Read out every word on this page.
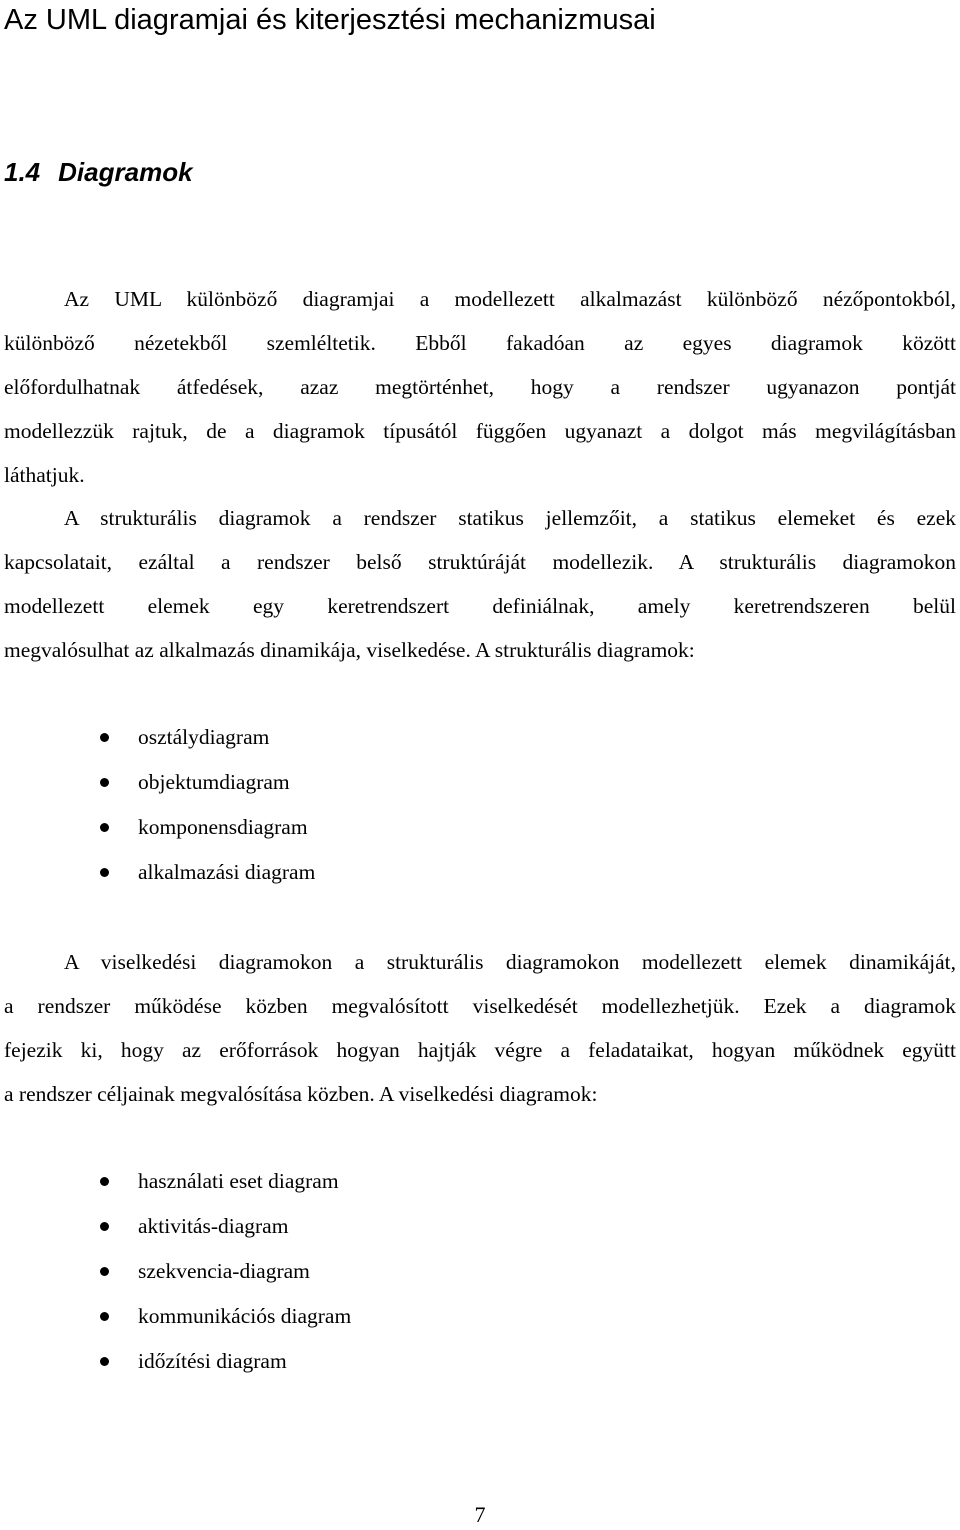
Az UML diagramjai és kiterjesztési mechanizmusai
1.4 Diagramok
Az UML különböző diagramjai a modellezett alkalmazást különböző nézőpontokból,
különböző nézetekből szemléltetik. Ebből fakadóan az egyes diagramok között
előfordulhatnak átfedések, azaz megtörténhet, hogy a rendszer ugyanazon pontját
modellezzük rajtuk, de a diagramok típusától függően ugyanazt a dolgot más megvilágításban
láthatjuk.
A strukturális diagramok a rendszer statikus jellemzőit, a statikus elemeket és ezek
kapcsolatait, ezáltal a rendszer belső struktúráját modellezik. A strukturális diagramokon
modellezett elemek egy keretrendszert definiálnak, amely keretrendszeren belül
megvalósulhat az alkalmazás dinamikája, viselkedése. A strukturális diagramok:
osztálydiagram
objektumdiagram
komponensdiagram
alkalmazási diagram
A viselkedési diagramokon a strukturális diagramokon modellezett elemek dinamikáját,
a rendszer működése közben megvalósított viselkedését modellezhetjük. Ezek a diagramok
fejezik ki, hogy az erőforrások hogyan hajtják végre a feladataikat, hogyan működnek együtt
a rendszer céljainak megvalósítása közben. A viselkedési diagramok:
használati eset diagram
aktivitás-diagram
szekvencia-diagram
kommunikációs diagram
időzítési diagram
7
